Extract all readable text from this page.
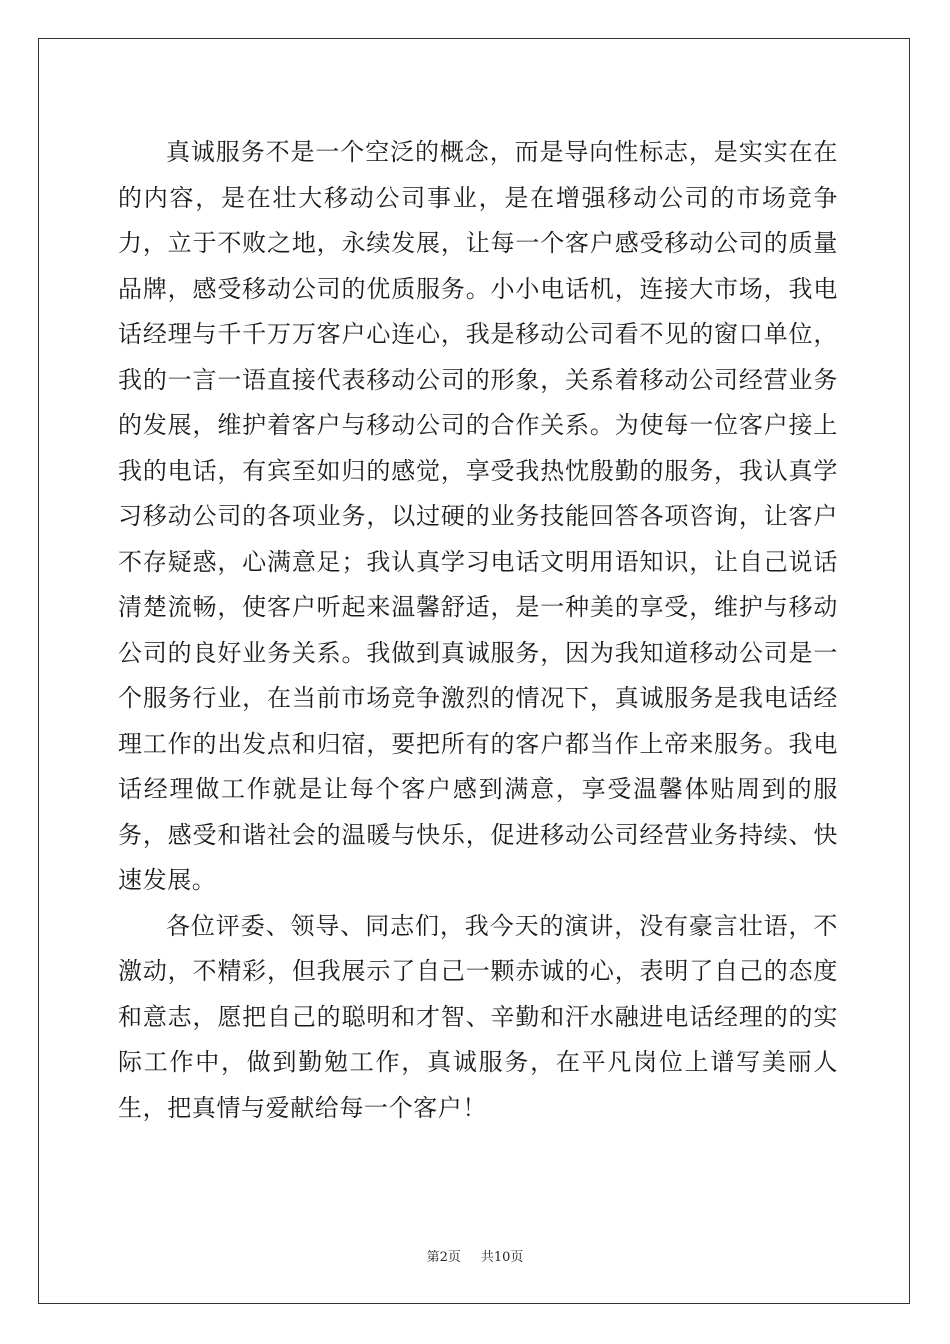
真诚服务不是一个空泛的概念，而是导向性标志，是实实在在的内容，是在壮大移动公司事业，是在增强移动公司的市场竞争力，立于不败之地，永续发展，让每一个客户感受移动公司的质量品牌，感受移动公司的优质服务。小小电话机，连接大市场，我电话经理与千千万万客户心连心，我是移动公司看不见的窗口单位，我的一言一语直接代表移动公司的形象，关系着移动公司经营业务的发展，维护着客户与移动公司的合作关系。为使每一位客户接上我的电话，有宾至如归的感觉，享受我热忱殷勤的服务，我认真学习移动公司的各项业务，以过硬的业务技能回答各项咨询，让客户不存疑惑，心满意足；我认真学习电话文明用语知识，让自己说话清楚流畅，使客户听起来温馨舒适，是一种美的享受，维护与移动公司的良好业务关系。我做到真诚服务，因为我知道移动公司是一个服务行业，在当前市场竞争激烈的情况下，真诚服务是我电话经理工作的出发点和归宿，要把所有的客户都当作上帝来服务。我电话经理做工作就是让每个客户感到满意，享受温馨体贴周到的服务，感受和谐社会的温暖与快乐，促进移动公司经营业务持续、快速发展。

各位评委、领导、同志们，我今天的演讲，没有豪言壮语，不激动，不精彩，但我展示了自己一颗赤诚的心，表明了自己的态度和意志，愿把自己的聪明和才智、辛勤和汗水融进电话经理的的实际工作中，做到勤勉工作，真诚服务，在平凡岗位上谱写美丽人生，把真情与爱献给每一个客户！

第2页 共10页
